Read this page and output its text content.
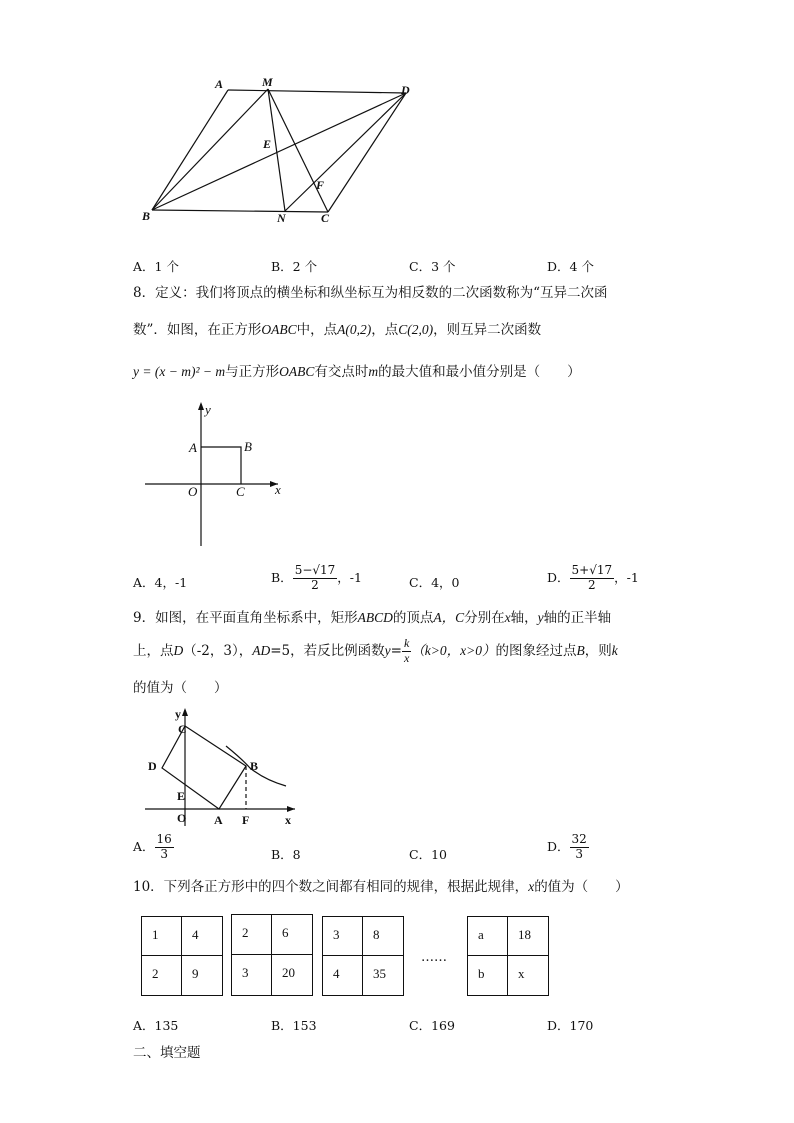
A	M
D
E
F
B	N	C
A．1 个	B．2 个	C．3 个	D．4 个
8．定义：我们将顶点的横坐标和纵坐标互为相反数的二次函数称为“互异二次函
数”．如图，在正方形OABC中，点A(0,2)，点C(2,0)，则互异二次函数
y = (x − m)² − m与正方形OABC有交点时m的最大值和最小值分别是（　　）
y
A	B
O	C x
A．4，-1	B． $\frac{5-√17}{2}$ ，-1	C．4，0	D． $\frac{5+√17}{2}$ ，-1
9．如图，在平面直角坐标系中，矩形ABCD的顶点A，C分别在x轴，y轴的正半轴
上，点D（-2，3），AD=5，若反比例函数$y= \frac{k}{x} (k>0$，x>0）的图象经过点B，则k
的值为（　　）
y
C
D	B
E
O A F	x
A． $\frac{16}{3}$	B．8	C．10
D． $\frac{32}{3}$
10．下列各正方形中的四个数之间都有相同的规律，根据此规律，x的值为（　　）
1	4
2	9
2	6
3	20
3	8
4	35
……
a	18
b	x
A．135	B．153	C．169	D．170
二、填空题
